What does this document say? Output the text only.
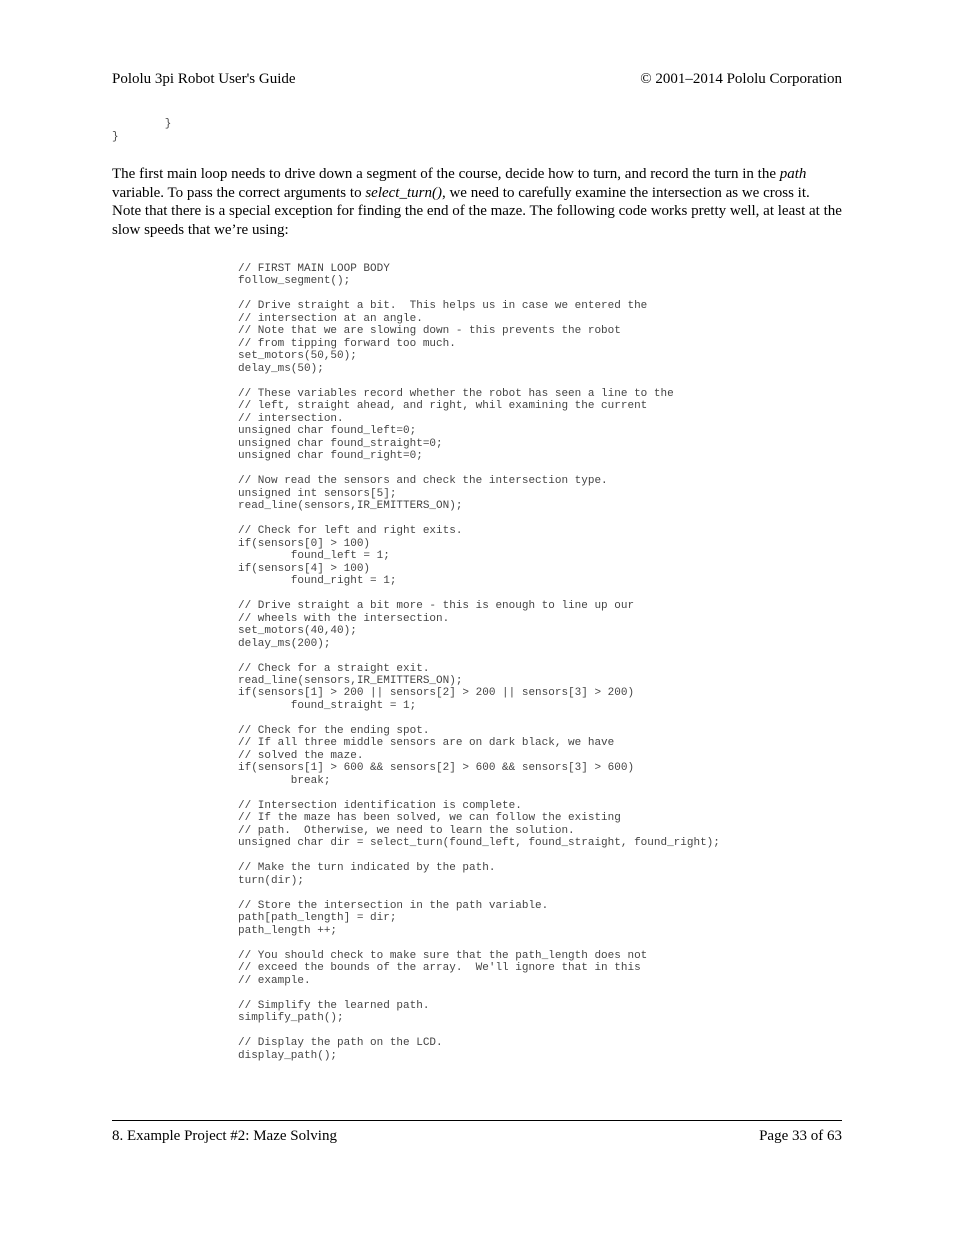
Pololu 3pi Robot User's Guide	© 2001–2014 Pololu Corporation
}
}

The first main loop needs to drive down a segment of the course, decide how to turn, and record the turn in the path variable. To pass the correct arguments to select_turn(), we need to carefully examine the intersection as we cross it. Note that there is a special exception for finding the end of the maze. The following code works pretty well, at least at the slow speeds that we’re using:

// FIRST MAIN LOOP BODY
follow_segment();

// Drive straight a bit.  This helps us in case we entered the
// intersection at an angle.
// Note that we are slowing down - this prevents the robot
// from tipping forward too much.
set_motors(50,50);
delay_ms(50);

// These variables record whether the robot has seen a line to the
// left, straight ahead, and right, whil examining the current
// intersection.
unsigned char found_left=0;
unsigned char found_straight=0;
unsigned char found_right=0;

// Now read the sensors and check the intersection type.
unsigned int sensors[5];
read_line(sensors,IR_EMITTERS_ON);

// Check for left and right exits.
if(sensors[0] > 100)
found_left = 1;
if(sensors[4] > 100)
found_right = 1;

// Drive straight a bit more - this is enough to line up our
// wheels with the intersection.
set_motors(40,40);
delay_ms(200);

// Check for a straight exit.
read_line(sensors,IR_EMITTERS_ON);
if(sensors[1] > 200 || sensors[2] > 200 || sensors[3] > 200)
found_straight = 1;

// Check for the ending spot.
// If all three middle sensors are on dark black, we have
// solved the maze.
if(sensors[1] > 600 && sensors[2] > 600 && sensors[3] > 600)
break;

// Intersection identification is complete.
// If the maze has been solved, we can follow the existing
// path.  Otherwise, we need to learn the solution.
unsigned char dir = select_turn(found_left, found_straight, found_right);

// Make the turn indicated by the path.
turn(dir);

// Store the intersection in the path variable.
path[path_length] = dir;
path_length ++;

// You should check to make sure that the path_length does not
// exceed the bounds of the array.  We'll ignore that in this
// example.

// Simplify the learned path.
simplify_path();

// Display the path on the LCD.
display_path();
8. Example Project #2: Maze Solving	Page 33 of 63
